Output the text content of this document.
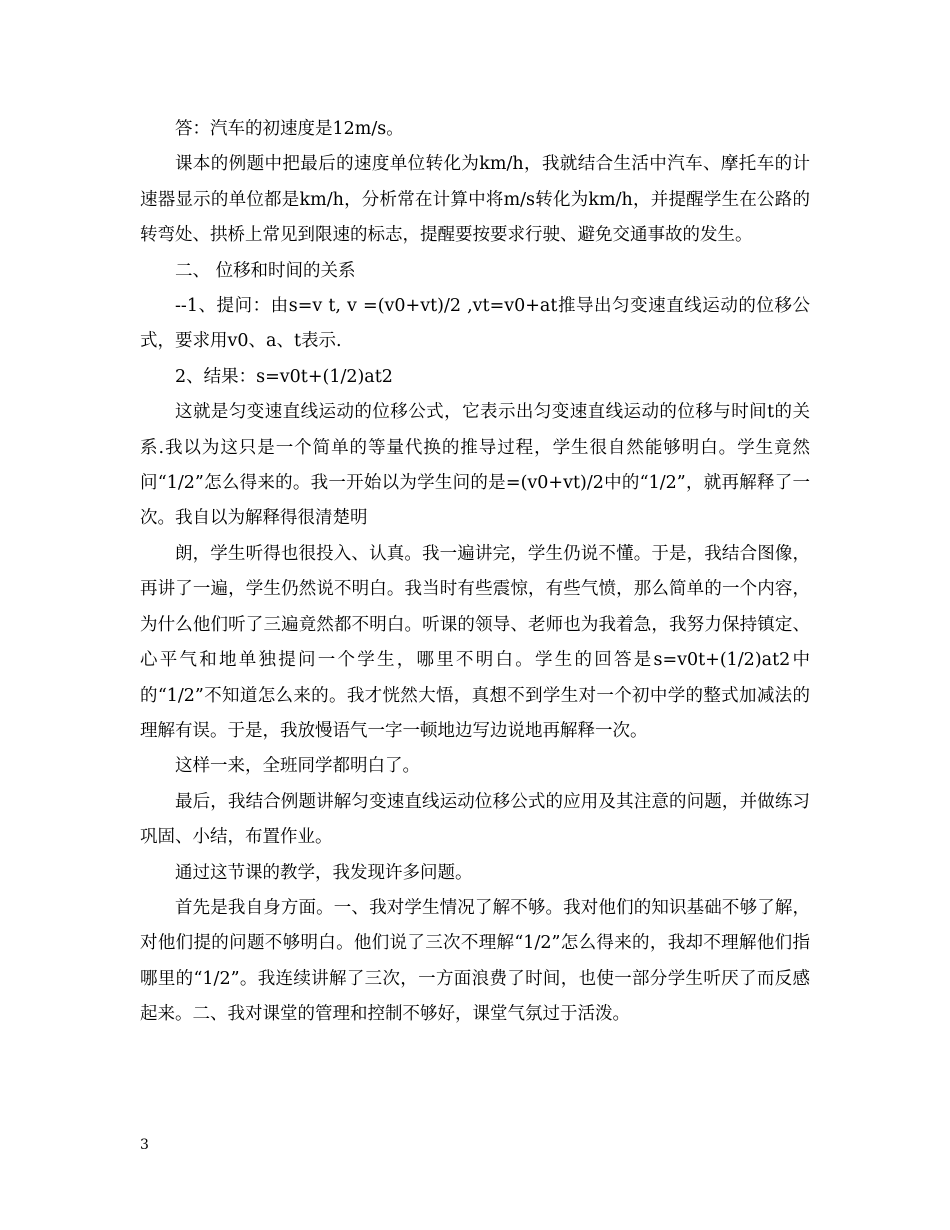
答：汽车的初速度是12m/s。

课本的例题中把最后的速度单位转化为km/h，我就结合生活中汽车、摩托车的计速器显示的单位都是km/h，分析常在计算中将m/s转化为km/h，并提醒学生在公路的转弯处、拱桥上常见到限速的标志，提醒要按要求行驶、避免交通事故的发生。

二、 位移和时间的关系

--1、提问：由s=v t, v =(v0+vt)/2 ,vt=v0+at推导出匀变速直线运动的位移公式，要求用v0、a、t表示.

2、结果：s=v0t+(1/2)at2

这就是匀变速直线运动的位移公式，它表示出匀变速直线运动的位移与时间t的关系.我以为这只是一个简单的等量代换的推导过程，学生很自然能够明白。学生竟然问“1/2”怎么得来的。我一开始以为学生问的是=(v0+vt)/2中的“1/2”，就再解释了一次。我自以为解释得很清楚明

朗，学生听得也很投入、认真。我一遍讲完，学生仍说不懂。于是，我结合图像，再讲了一遍，学生仍然说不明白。我当时有些震惊，有些气愤，那么简单的一个内容，为什么他们听了三遍竟然都不明白。听课的领导、老师也为我着急，我努力保持镇定、心平气和地单独提问一个学生，哪里不明白。学生的回答是s=v0t+(1/2)at2中的“1/2”不知道怎么来的。我才恍然大悟，真想不到学生对一个初中学的整式加减法的理解有误。于是，我放慢语气一字一顿地边写边说地再解释一次。

这样一来，全班同学都明白了。

最后，我结合例题讲解匀变速直线运动位移公式的应用及其注意的问题，并做练习巩固、小结，布置作业。

通过这节课的教学，我发现许多问题。

首先是我自身方面。一、我对学生情况了解不够。我对他们的知识基础不够了解，对他们提的问题不够明白。他们说了三次不理解“1/2”怎么得来的，我却不理解他们指哪里的“1/2”。我连续讲解了三次，一方面浪费了时间，也使一部分学生听厌了而反感起来。二、我对课堂的管理和控制不够好，课堂气氛过于活泼。

3
